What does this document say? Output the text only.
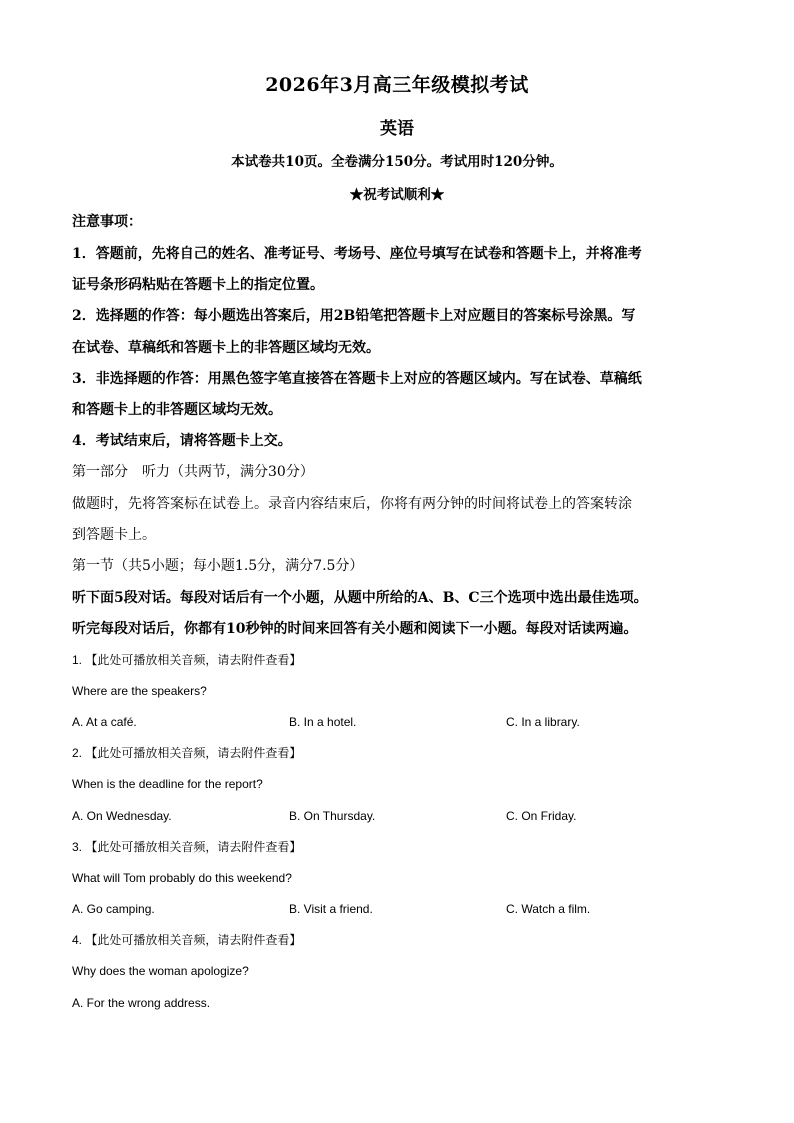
2026年3月高三年级模拟考试
英语
本试卷共10页。全卷满分150分。考试用时120分钟。
★祝考试顺利★
注意事项：
1．答题前，先将自己的姓名、准考证号、考场号、座位号填写在试卷和答题卡上，并将准考
证号条形码粘贴在答题卡上的指定位置。
2．选择题的作答：每小题选出答案后，用2B铅笔把答题卡上对应题目的答案标号涂黑。写
在试卷、草稿纸和答题卡上的非答题区域均无效。
3．非选择题的作答：用黑色签字笔直接答在答题卡上对应的答题区域内。写在试卷、草稿纸
和答题卡上的非答题区域均无效。
4．考试结束后，请将答题卡上交。
第一部分　听力（共两节，满分30分）
做题时，先将答案标在试卷上。录音内容结束后，你将有两分钟的时间将试卷上的答案转涂
到答题卡上。
第一节（共5小题；每小题1.5分，满分7.5分）
听下面5段对话。每段对话后有一个小题，从题中所给的A、B、C三个选项中选出最佳选项。
听完每段对话后，你都有10秒钟的时间来回答有关小题和阅读下一小题。每段对话读两遍。
1. 【此处可播放相关音频，请去附件查看】
Where are the speakers?
A. At a café.	B. In a hotel.	C. In a library.
2. 【此处可播放相关音频，请去附件查看】
When is the deadline for the report?
A. On Wednesday.	B. On Thursday.	C. On Friday.
3. 【此处可播放相关音频，请去附件查看】
What will Tom probably do this weekend?
A. Go camping.	B. Visit a friend.	C. Watch a film.
4. 【此处可播放相关音频，请去附件查看】
Why does the woman apologize?
A. For the wrong address.
